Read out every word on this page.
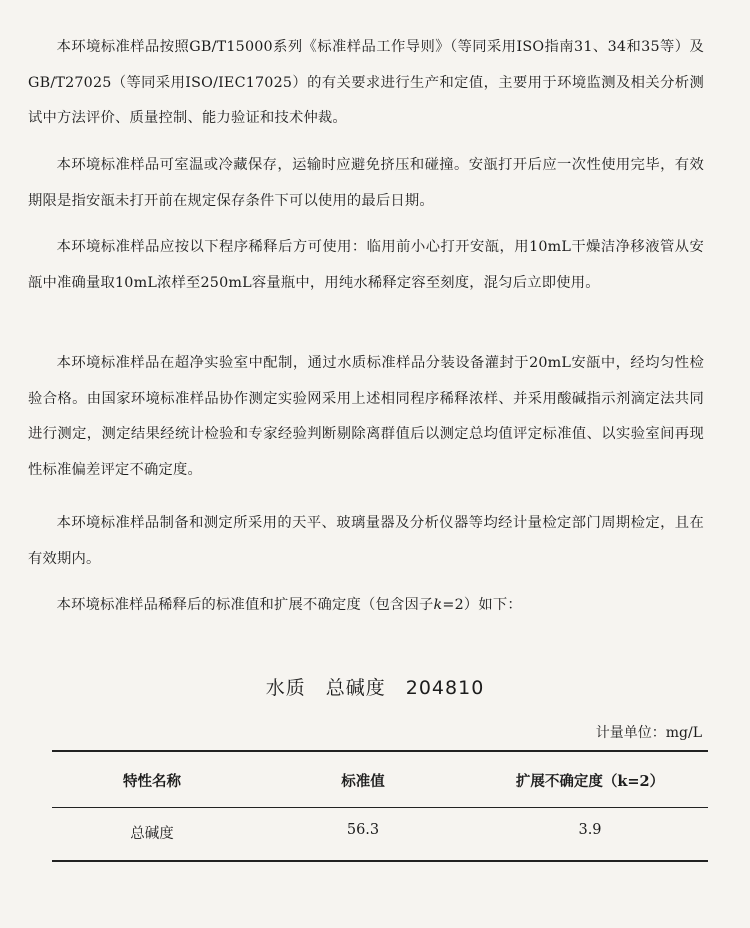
本环境标准样品按照GB/T15000系列《标准样品工作导则》（等同采用ISO指南31、34和35等）及GB/T27025（等同采用ISO/IEC17025）的有关要求进行生产和定值，主要用于环境监测及相关分析测试中方法评价、质量控制、能力验证和技术仲裁。

本环境标准样品可室温或冷藏保存，运输时应避免挤压和碰撞。安瓿打开后应一次性使用完毕，有效期限是指安瓿未打开前在规定保存条件下可以使用的最后日期。

本环境标准样品应按以下程序稀释后方可使用：临用前小心打开安瓿，用10mL干燥洁净移液管从安瓿中准确量取10mL浓样至250mL容量瓶中，用纯水稀释定容至刻度，混匀后立即使用。

本环境标准样品在超净实验室中配制，通过水质标准样品分装设备灌封于20mL安瓿中，经均匀性检验合格。由国家环境标准样品协作测定实验网采用上述相同程序稀释浓样、并采用酸碱指示剂滴定法共同进行测定，测定结果经统计检验和专家经验判断剔除离群值后以测定总均值评定标准值、以实验室间再现性标准偏差评定不确定度。

本环境标准样品制备和测定所采用的天平、玻璃量器及分析仪器等均经计量检定部门周期检定，且在有效期内。

本环境标准样品稀释后的标准值和扩展不确定度（包含因子k=2）如下：

水质 总碱度 204810
计量单位：mg/L
特性名称	标准值	扩展不确定度（k=2）
总碱度	56.3	3.9
